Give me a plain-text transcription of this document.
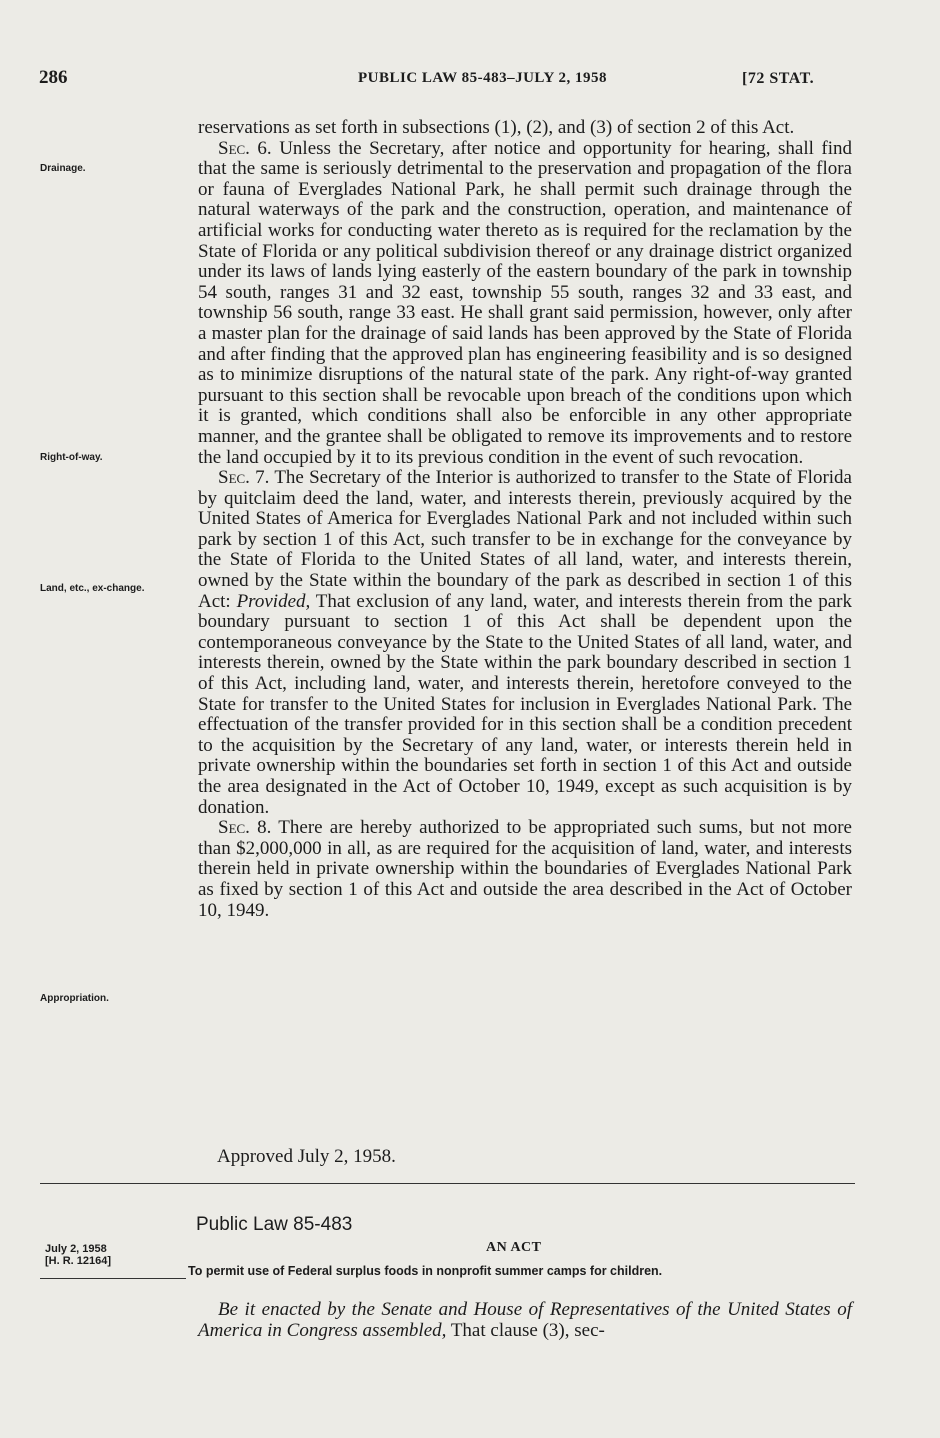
286	PUBLIC LAW 85-483–JULY 2, 1958	[72 STAT.
Drainage.
Right-of-way.
Land, etc., ex-change.
Appropriation.

reservations as set forth in subsections (1), (2), and (3) of section 2 of this Act.

Sec. 6. Unless the Secretary, after notice and opportunity for hearing, shall find that the same is seriously detrimental to the preservation and propagation of the flora or fauna of Everglades National Park, he shall permit such drainage through the natural waterways of the park and the construction, operation, and maintenance of artificial works for conducting water thereto as is required for the reclamation by the State of Florida or any political subdivision thereof or any drainage district organized under its laws of lands lying easterly of the eastern boundary of the park in township 54 south, ranges 31 and 32 east, township 55 south, ranges 32 and 33 east, and township 56 south, range 33 east. He shall grant said permission, however, only after a master plan for the drainage of said lands has been approved by the State of Florida and after finding that the approved plan has engineering feasibility and is so designed as to minimize disruptions of the natural state of the park. Any right-of-way granted pursuant to this section shall be revocable upon breach of the conditions upon which it is granted, which conditions shall also be enforcible in any other appropriate manner, and the grantee shall be obligated to remove its improvements and to restore the land occupied by it to its previous condition in the event of such revocation.

Sec. 7. The Secretary of the Interior is authorized to transfer to the State of Florida by quitclaim deed the land, water, and interests therein, previously acquired by the United States of America for Everglades National Park and not included within such park by section 1 of this Act, such transfer to be in exchange for the conveyance by the State of Florida to the United States of all land, water, and interests therein, owned by the State within the boundary of the park as described in section 1 of this Act: Provided, That exclusion of any land, water, and interests therein from the park boundary pursuant to section 1 of this Act shall be dependent upon the contemporaneous conveyance by the State to the United States of all land, water, and interests therein, owned by the State within the park boundary described in section 1 of this Act, including land, water, and interests therein, heretofore conveyed to the State for transfer to the United States for inclusion in Everglades National Park. The effectuation of the transfer provided for in this section shall be a condition precedent to the acquisition by the Secretary of any land, water, or interests therein held in private ownership within the boundaries set forth in section 1 of this Act and outside the area designated in the Act of October 10, 1949, except as such acquisition is by donation.

Sec. 8. There are hereby authorized to be appropriated such sums, but not more than $2,000,000 in all, as are required for the acquisition of land, water, and interests therein held in private ownership within the boundaries of Everglades National Park as fixed by section 1 of this Act and outside the area described in the Act of October 10, 1949.

Approved July 2, 1958.
Public Law 85-483
July 2, 1958
[H. R. 12164]
AN ACT
To permit use of Federal surplus foods in nonprofit summer camps for children.

Be it enacted by the Senate and House of Representatives of the United States of America in Congress assembled, That clause (3), sec-
